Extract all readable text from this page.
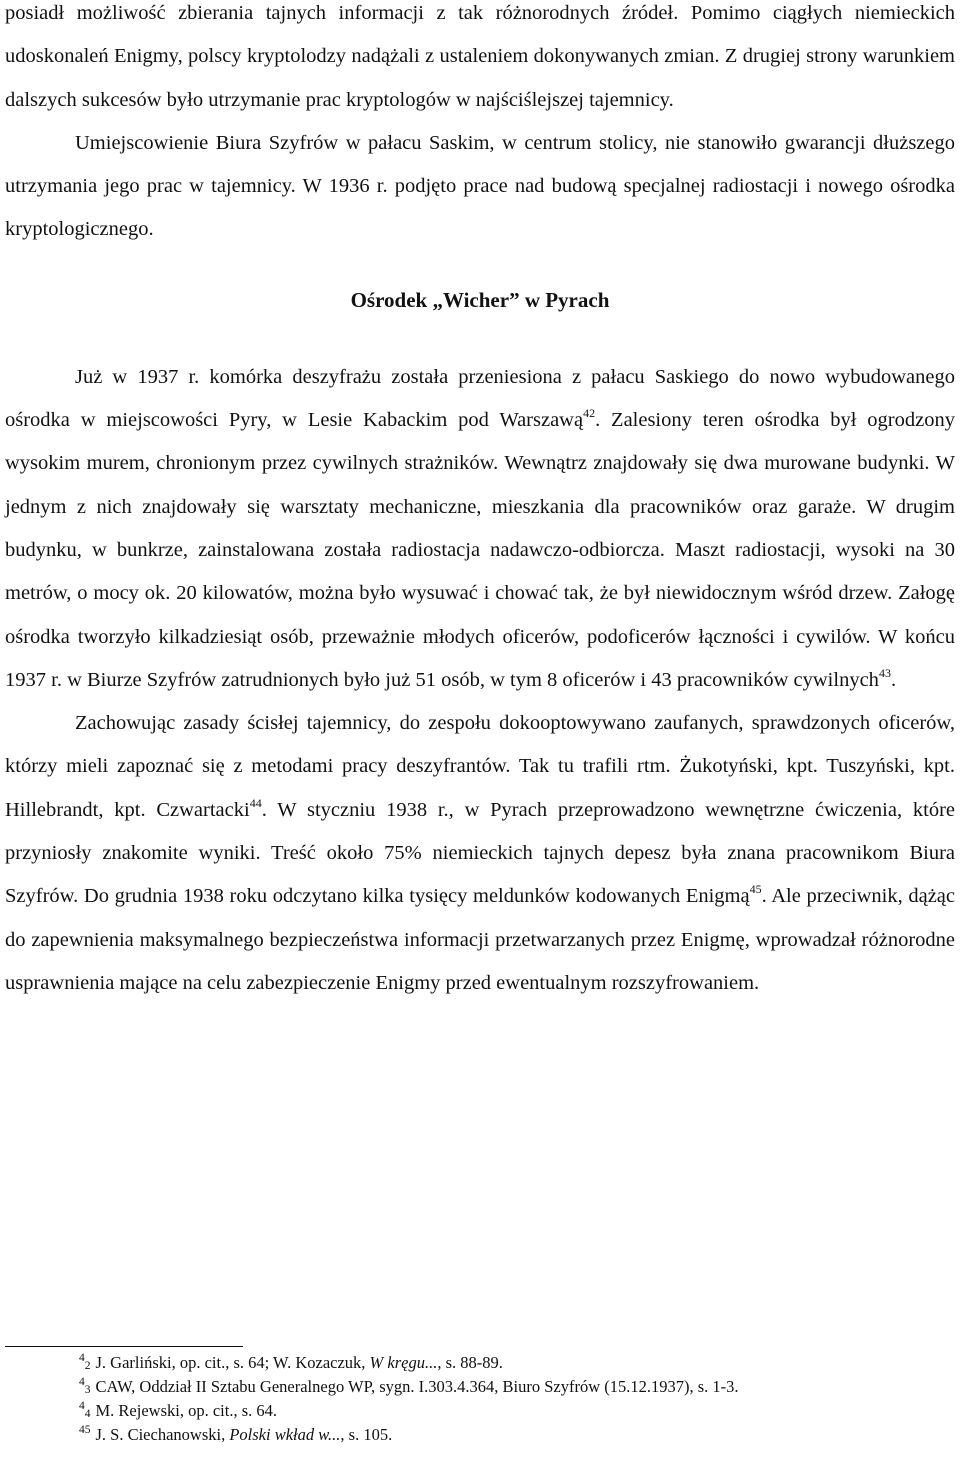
posiadł możliwość zbierania tajnych informacji z tak różnorodnych źródeł. Pomimo ciągłych niemieckich udoskonaleń Enigmy, polscy kryptolodzy nadążali z ustaleniem dokonywanych zmian. Z drugiej strony warunkiem dalszych sukcesów było utrzymanie prac kryptologów w najściślejszej tajemnicy.

Umiejscowienie Biura Szyfrów w pałacu Saskim, w centrum stolicy, nie stanowiło gwarancji dłuższego utrzymania jego prac w tajemnicy. W 1936 r. podjęto prace nad budową specjalnej radiostacji i nowego ośrodka kryptologicznego.

Ośrodek „Wicher” w Pyrach

Już w 1937 r. komórka deszyfrażu została przeniesiona z pałacu Saskiego do nowo wybudowanego ośrodka w miejscowości Pyry, w Lesie Kabackim pod Warszawą$^{42}$. Zalesiony teren ośrodka był ogrodzony wysokim murem, chronionym przez cywilnych strażników. Wewnątrz znajdowały się dwa murowane budynki. W jednym z nich znajdowały się warsztaty mechaniczne, mieszkania dla pracowników oraz garaże. W drugim budynku, w bunkrze, zainstalowana została radiostacja nadawczo-odbiorcza. Maszt radiostacji, wysoki na 30 metrów, o mocy ok. 20 kilowatów, można było wysuwać i chować tak, że był niewidocznym wśród drzew. Załogę ośrodka tworzyło kilkadziesiąt osób, przeważnie młodych oficerów, podoficerów łączności i cywilów. W końcu 1937 r. w Biurze Szyfrów zatrudnionych było już 51 osób, w tym 8 oficerów i 43 pracowników cywilnych$^{43}$.

Zachowując zasady ścisłej tajemnicy, do zespołu dokooptowywano zaufanych, sprawdzonych oficerów, którzy mieli zapoznać się z metodami pracy deszyfrantów. Tak tu trafili rtm. Żukotyński, kpt. Tuszyński, kpt. Hillebrandt, kpt. Czwartacki$^{44}$. W styczniu 1938 r., w Pyrach przeprowadzono wewnętrzne ćwiczenia, które przyniosły znakomite wyniki. Treść około 75% niemieckich tajnych depesz była znana pracownikom Biura Szyfrów. Do grudnia 1938 roku odczytano kilka tysięcy meldunków kodowanych Enigmą$^{45}$. Ale przeciwnik, dążąc do zapewnienia maksymalnego bezpieczeństwa informacji przetwarzanych przez Enigmę, wprowadzał różnorodne usprawnienia mające na celu zabezpieczenie Enigmy przed ewentualnym rozszyfrowaniem.

$^4$2 J. Garliński, op. cit., s. 64; W. Kozaczuk, W kręgu..., s. 88-89.

$^4$3 CAW, Oddział II Sztabu Generalnego WP, sygn. I.303.4.364, Biuro Szyfrów (15.12.1937), s. 1-3.

$^4$4 M. Rejewski, op. cit., s. 64.

$^{45}$ J. S. Ciechanowski, Polski wkład w..., s. 105.
